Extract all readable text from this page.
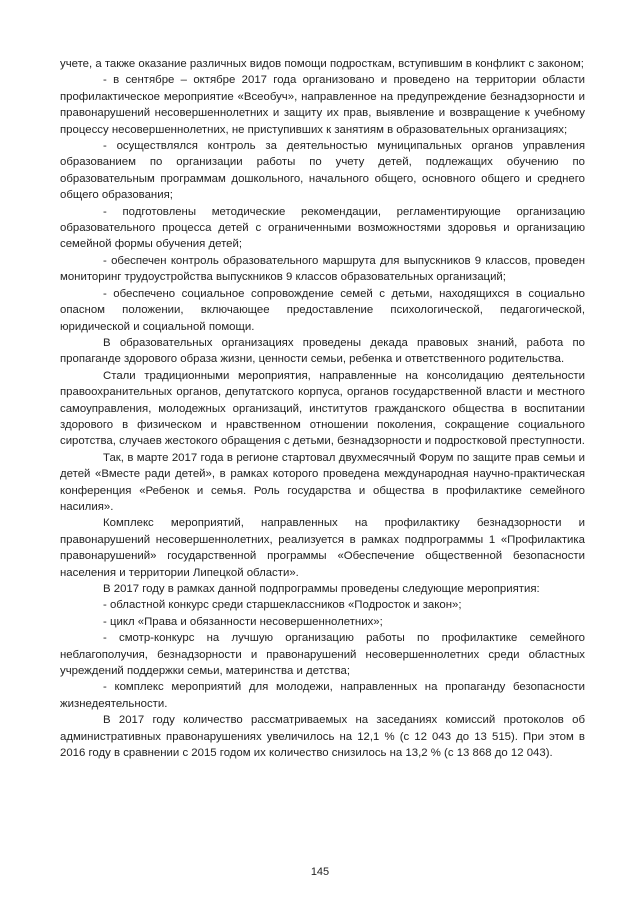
учете, а также оказание различных видов помощи подросткам, вступившим в конфликт с законом;

- в сентябре – октябре 2017 года организовано и проведено на территории области профилактическое мероприятие «Всеобуч», направленное на предупреждение безнадзорности и правонарушений несовершеннолетних и защиту их прав, выявление и возвращение к учебному процессу несовершеннолетних, не приступивших к занятиям в образовательных организациях;

- осуществлялся контроль за деятельностью муниципальных органов управления образованием по организации работы по учету детей, подлежащих обучению по образовательным программам дошкольного, начального общего, основного общего и среднего общего образования;

- подготовлены методические рекомендации, регламентирующие организацию образовательного процесса детей с ограниченными возможностями здоровья и организацию семейной формы обучения детей;

- обеспечен контроль образовательного маршрута для выпускников 9 классов, проведен мониторинг трудоустройства выпускников 9 классов образовательных организаций;

- обеспечено социальное сопровождение семей с детьми, находящихся в социально опасном положении, включающее предоставление психологической, педагогической, юридической и социальной помощи.

В образовательных организациях проведены декада правовых знаний, работа по пропаганде здорового образа жизни, ценности семьи, ребенка и ответственного родительства.

Стали традиционными мероприятия, направленные на консолидацию деятельности правоохранительных органов, депутатского корпуса, органов государственной власти и местного самоуправления, молодежных организаций, институтов гражданского общества в воспитании здорового в физическом и нравственном отношении поколения, сокращение социального сиротства, случаев жестокого обращения с детьми, безнадзорности и подростковой преступности.

Так, в марте 2017 года в регионе стартовал двухмесячный Форум по защите прав семьи и детей «Вместе ради детей», в рамках которого проведена международная научно-практическая конференция «Ребенок и семья. Роль государства и общества в профилактике семейного насилия».

Комплекс мероприятий, направленных на профилактику безнадзорности и правонарушений несовершеннолетних, реализуется в рамках подпрограммы 1 «Профилактика правонарушений» государственной программы «Обеспечение общественной безопасности населения и территории Липецкой области».

В 2017 году в рамках данной подпрограммы проведены следующие мероприятия:

- областной конкурс среди старшеклассников «Подросток и закон»;

- цикл «Права и обязанности несовершеннолетних»;

- смотр-конкурс на лучшую организацию работы по профилактике семейного неблагополучия, безнадзорности и правонарушений несовершеннолетних среди областных учреждений поддержки семьи, материнства и детства;

- комплекс мероприятий для молодежи, направленных на пропаганду безопасности жизнедеятельности.

В 2017 году количество рассматриваемых на заседаниях комиссий протоколов об административных правонарушениях увеличилось на 12,1 % (с 12 043 до 13 515). При этом в 2016 году в сравнении с 2015 годом их количество снизилось на 13,2 % (с 13 868 до 12 043).

145
